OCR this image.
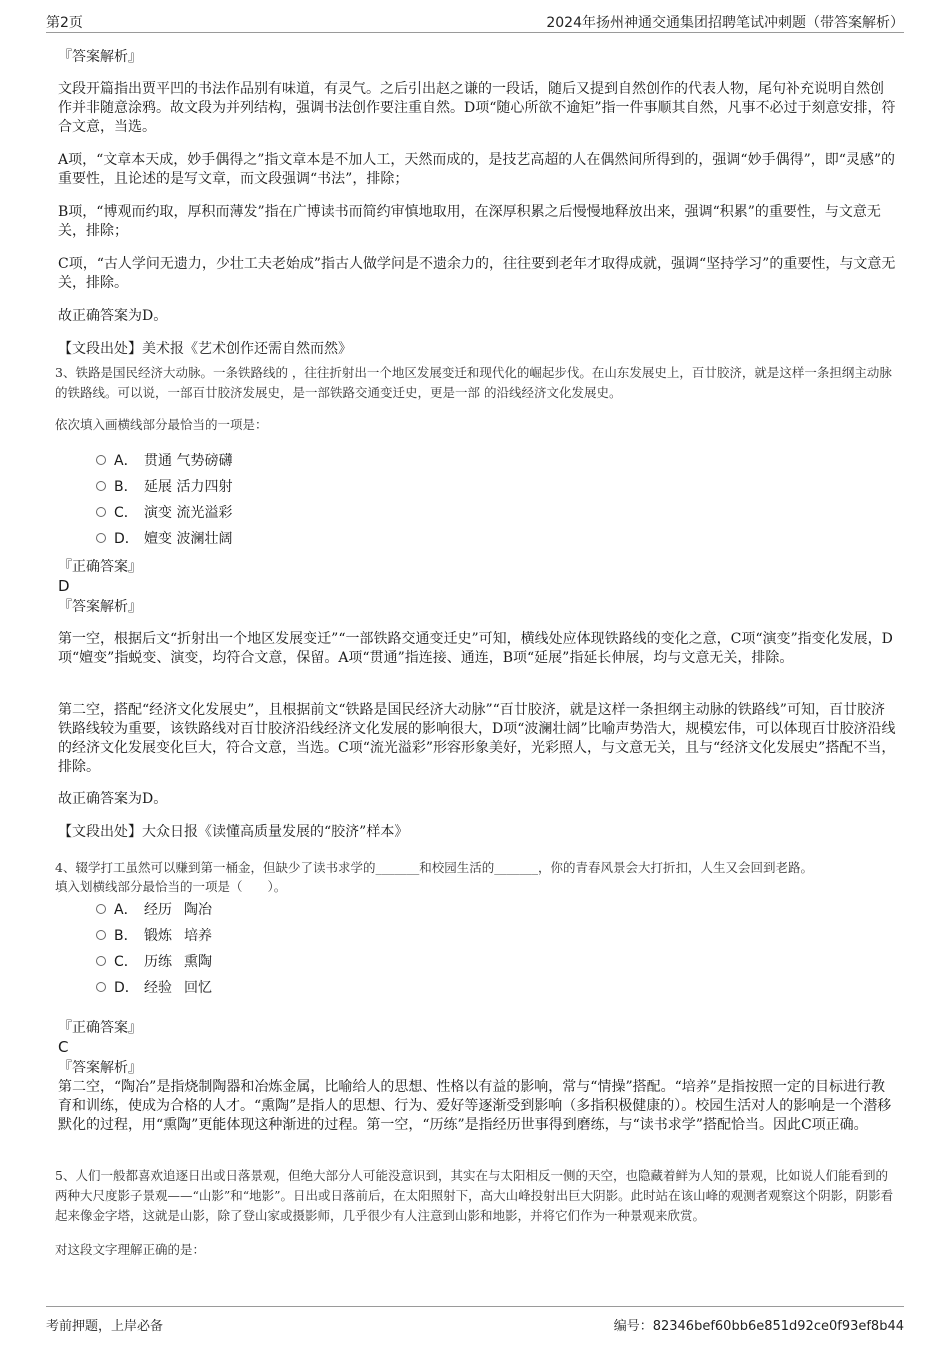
第2页	2024年扬州神通交通集团招聘笔试冲刺题（带答案解析）
『答案解析』

文段开篇指出贾平凹的书法作品别有味道，有灵气。之后引出赵之谦的一段话，随后又提到自然创作的代表人物，尾句补充说明自然创作并非随意涂鸦。故文段为并列结构，强调书法创作要注重自然。D项“随心所欲不逾矩”指一件事顺其自然，凡事不必过于刻意安排，符合文意，当选。

A项，“文章本天成，妙手偶得之”指文章本是不加人工，天然而成的，是技艺高超的人在偶然间所得到的，强调“妙手偶得”，即“灵感”的重要性，且论述的是写文章，而文段强调“书法”，排除；

B项，“博观而约取，厚积而薄发”指在广博读书而简约审慎地取用，在深厚积累之后慢慢地释放出来，强调“积累”的重要性，与文意无关，排除；

C项，“古人学问无遗力，少壮工夫老始成”指古人做学问是不遗余力的，往往要到老年才取得成就，强调“坚持学习”的重要性，与文意无关，排除。

故正确答案为D。

【文段出处】美术报《艺术创作还需自然而然》

3、铁路是国民经济大动脉。一条铁路线的 ，往往折射出一个地区发展变迁和现代化的崛起步伐。在山东发展史上，百廿胶济，就是这样一条担纲主动脉的铁路线。可以说，一部百廿胶济发展史，是一部铁路交通变迁史，更是一部 的沿线经济文化发展史。

依次填入画横线部分最恰当的一项是：

A． 贯通 气势磅礴
B． 延展 活力四射
C． 演变 流光溢彩
D． 嬗变 波澜壮阔
『正确答案』
D
『答案解析』

第一空，根据后文“折射出一个地区发展变迁”“一部铁路交通变迁史”可知，横线处应体现铁路线的变化之意，C项“演变”指变化发展，D项“嬗变”指蜕变、演变，均符合文意，保留。A项“贯通”指连接、通连，B项“延展”指延长伸展，均与文意无关，排除。

第二空，搭配“经济文化发展史”，且根据前文“铁路是国民经济大动脉”“百廿胶济，就是这样一条担纲主动脉的铁路线”可知，百廿胶济铁路线较为重要，该铁路线对百廿胶济沿线经济文化发展的影响很大，D项“波澜壮阔”比喻声势浩大，规模宏伟，可以体现百廿胶济沿线的经济文化发展变化巨大，符合文意，当选。C项“流光溢彩”形容形象美好，光彩照人，与文意无关，且与“经济文化发展史”搭配不当，排除。

故正确答案为D。

【文段出处】大众日报《读懂高质量发展的“胶济”样本》

4、辍学打工虽然可以赚到第一桶金，但缺少了读书求学的_______和校园生活的_______，你的青春风景会大打折扣，人生又会回到老路。

填入划横线部分最恰当的一项是（　　）。

A． 经历 陶冶
B． 锻炼 培养
C． 历练 熏陶
D． 经验 回忆
『正确答案』
C
『答案解析』

第二空，“陶冶”是指烧制陶器和冶炼金属，比喻给人的思想、性格以有益的影响，常与“情操”搭配。“培养”是指按照一定的目标进行教育和训练，使成为合格的人才。“熏陶”是指人的思想、行为、爱好等逐渐受到影响（多指积极健康的）。校园生活对人的影响是一个潜移默化的过程，用“熏陶”更能体现这种渐进的过程。第一空，“历练”是指经历世事得到磨练，与“读书求学”搭配恰当。因此C项正确。

5、人们一般都喜欢追逐日出或日落景观，但绝大部分人可能没意识到，其实在与太阳相反一侧的天空，也隐藏着鲜为人知的景观，比如说人们能看到的两种大尺度影子景观——“山影”和“地影”。日出或日落前后，在太阳照射下，高大山峰投射出巨大阴影。此时站在该山峰的观测者观察这个阴影，阴影看起来像金字塔，这就是山影，除了登山家或摄影师，几乎很少有人注意到山影和地影，并将它们作为一种景观来欣赏。

对这段文字理解正确的是：

考前押题，上岸必备	编号：82346bef60bb6e851d92ce0f93ef8b44
